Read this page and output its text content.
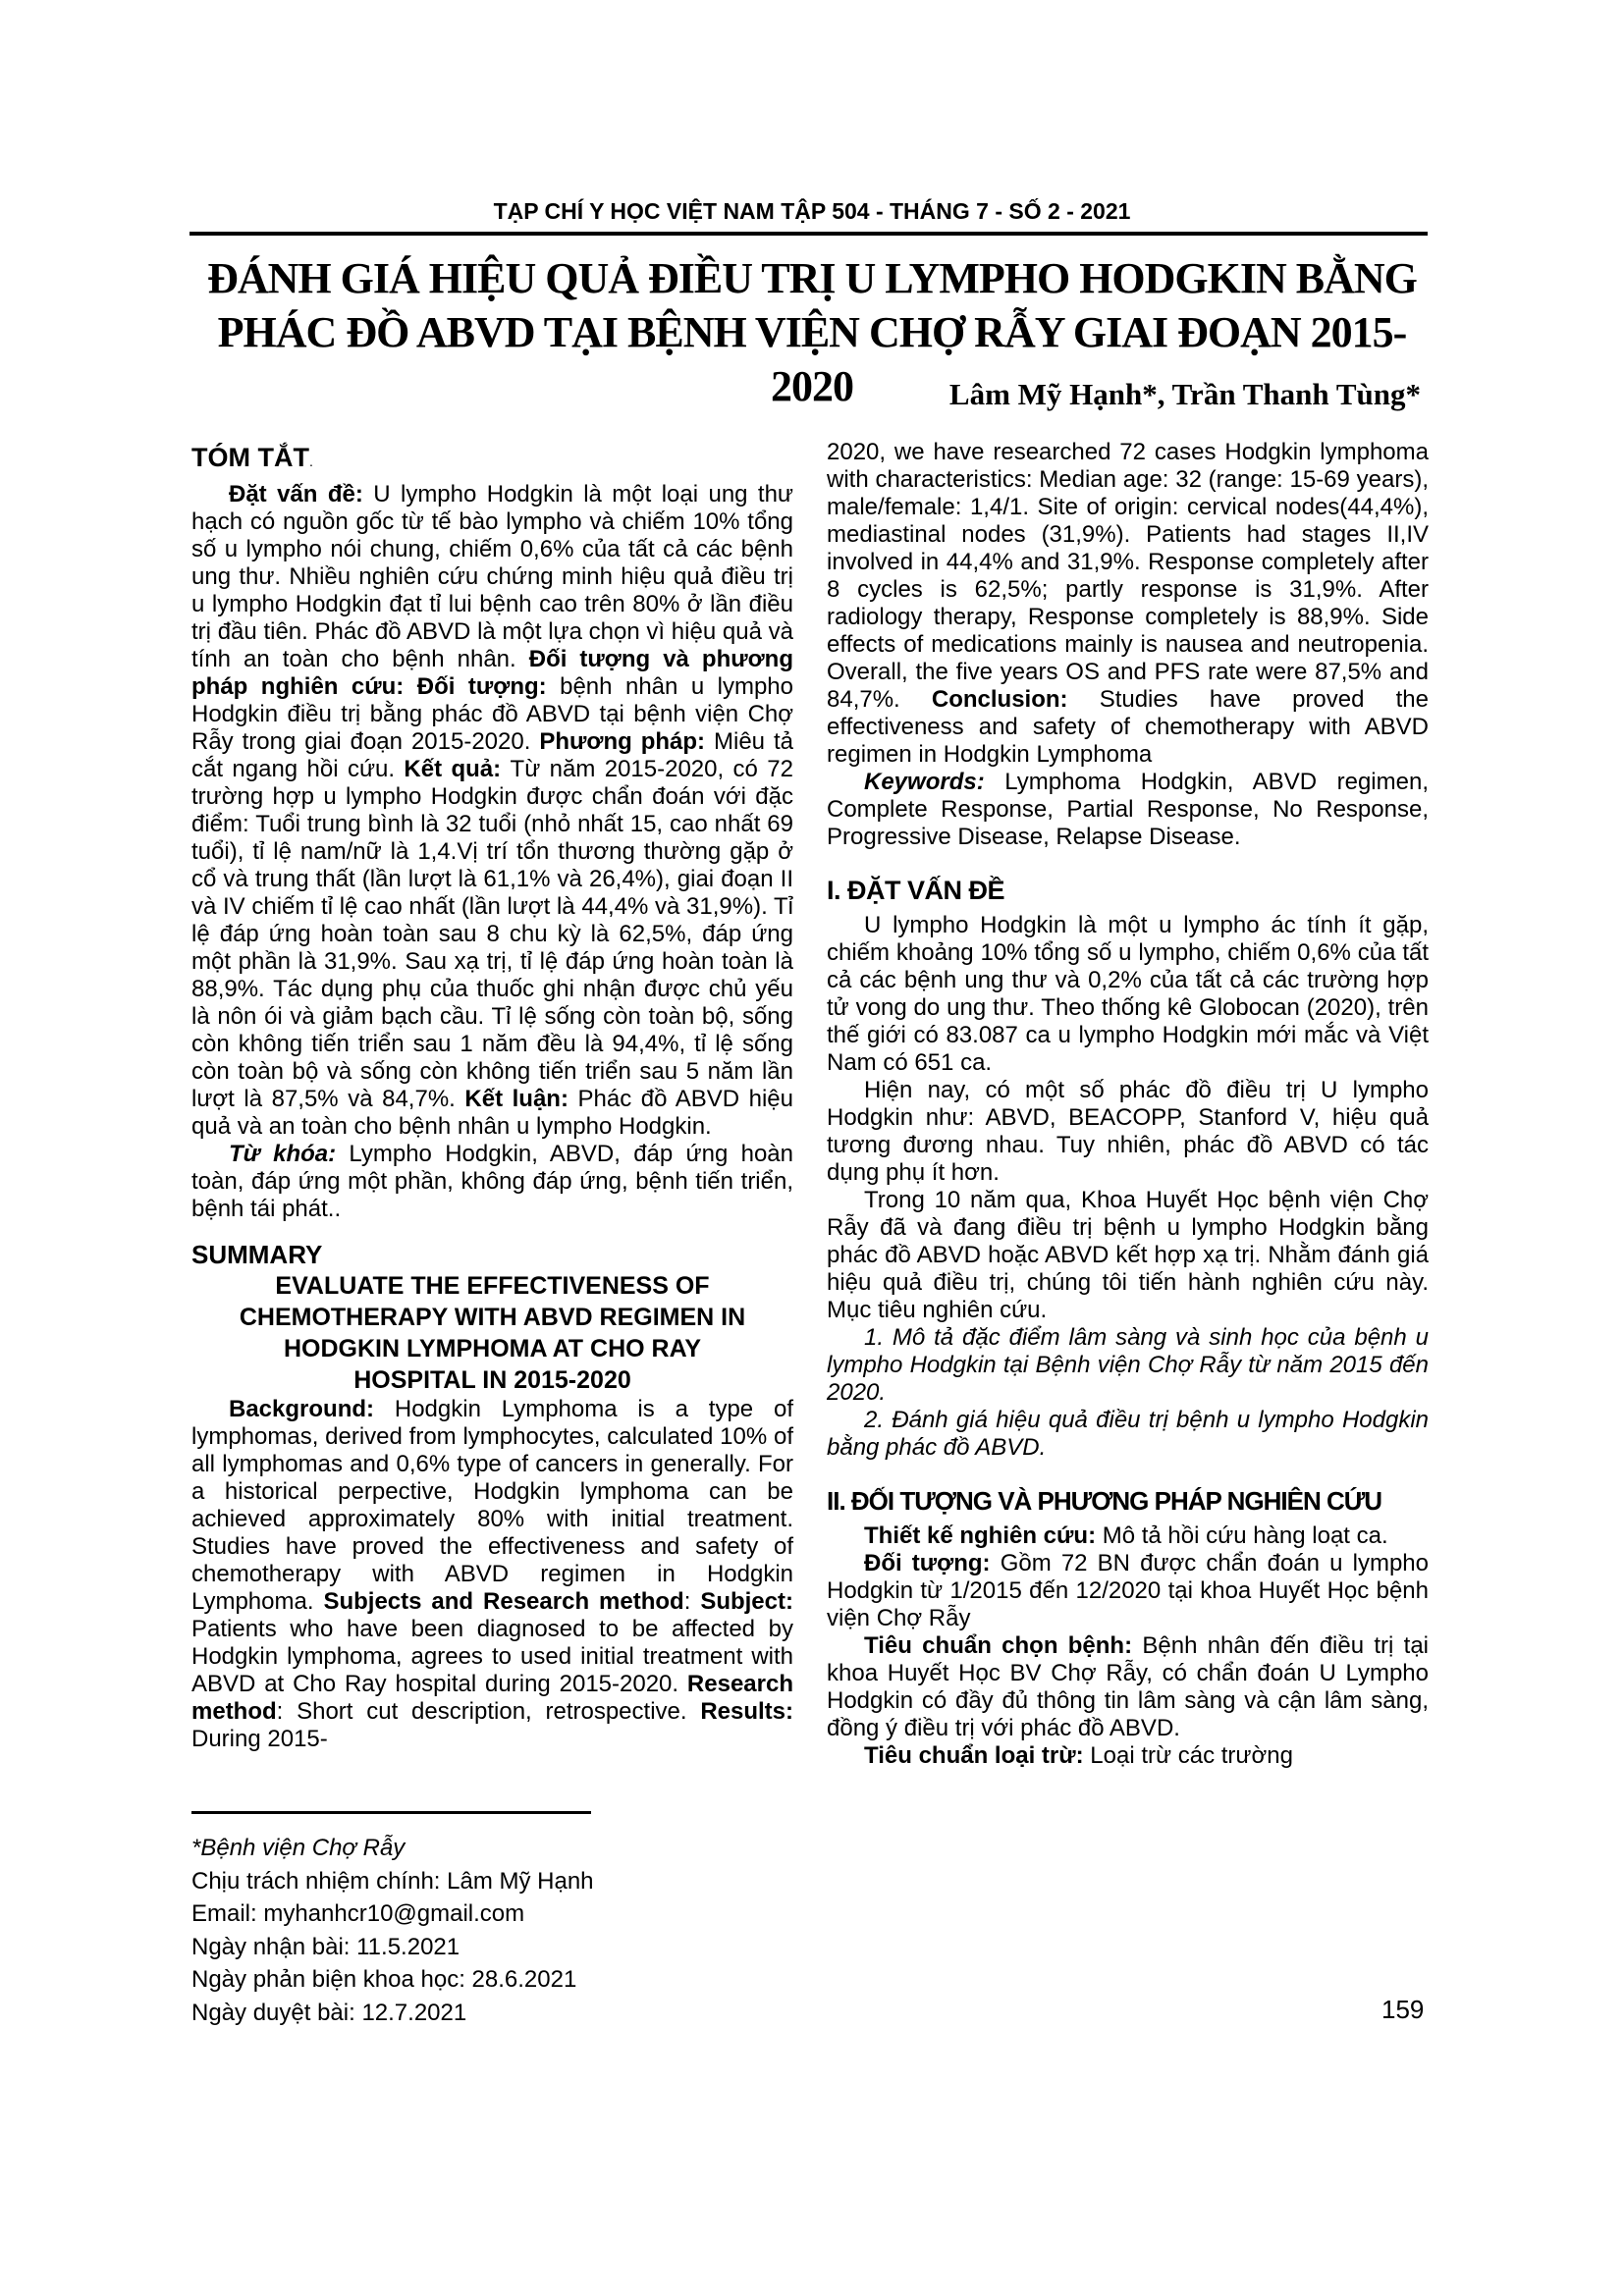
TẠP CHÍ Y HỌC VIỆT NAM TẬP 504 - THÁNG 7 - SỐ 2 - 2021
ĐÁNH GIÁ HIỆU QUẢ ĐIỀU TRỊ U LYMPHO HODGKIN BẰNG
PHÁC ĐỒ ABVD TẠI BỆNH VIỆN CHỢ RẪY GIAI ĐOẠN 2015-2020	Lâm Mỹ Hạnh*, Trần Thanh Tùng*
TÓM TẮT.

Đặt vấn đề: U lympho Hodgkin là một loại ung thư hạch có nguồn gốc từ tế bào lympho và chiếm 10% tổng số u lympho nói chung, chiếm 0,6% của tất cả các bệnh ung thư. Nhiều nghiên cứu chứng minh hiệu quả điều trị u lympho Hodgkin đạt tỉ lui bệnh cao trên 80% ở lần điều trị đầu tiên. Phác đồ ABVD là một lựa chọn vì hiệu quả và tính an toàn cho bệnh nhân. Đối tượng và phương pháp nghiên cứu: Đối tượng: bệnh nhân u lympho Hodgkin điều trị bằng phác đồ ABVD tại bệnh viện Chợ Rẫy trong giai đoạn 2015-2020. Phương pháp: Miêu tả cắt ngang hồi cứu. Kết quả: Từ năm 2015-2020, có 72 trường hợp u lympho Hodgkin được chẩn đoán với đặc điểm: Tuổi trung bình là 32 tuổi (nhỏ nhất 15, cao nhất 69 tuổi), tỉ lệ nam/nữ là 1,4.Vị trí tổn thương thường gặp ở cổ và trung thất (lần lượt là 61,1% và 26,4%), giai đoạn II và IV chiếm tỉ lệ cao nhất (lần lượt là 44,4% và 31,9%). Tỉ lệ đáp ứng hoàn toàn sau 8 chu kỳ là 62,5%, đáp ứng một phần là 31,9%. Sau xạ trị, tỉ lệ đáp ứng hoàn toàn là 88,9%. Tác dụng phụ của thuốc ghi nhận được chủ yếu là nôn ói và giảm bạch cầu. Tỉ lệ sống còn toàn bộ, sống còn không tiến triển sau 1 năm đều là 94,4%, tỉ lệ sống còn toàn bộ và sống còn không tiến triển sau 5 năm lần lượt là 87,5% và 84,7%. Kết luận: Phác đồ ABVD hiệu quả và an toàn cho bệnh nhân u lympho Hodgkin.

Từ khóa: Lympho Hodgkin, ABVD, đáp ứng hoàn toàn, đáp ứng một phần, không đáp ứng, bệnh tiến triển, bệnh tái phát..

SUMMARY
EVALUATE THE EFFECTIVENESS OF
CHEMOTHERAPY WITH ABVD REGIMEN IN
HODGKIN LYMPHOMA AT CHO RAY
HOSPITAL IN 2015-2020

Background: Hodgkin Lymphoma is a type of lymphomas, derived from lymphocytes, calculated 10% of all lymphomas and 0,6% type of cancers in generally. For a historical perpective, Hodgkin lymphoma can be achieved approximately 80% with initial treatment. Studies have proved the effectiveness and safety of chemotherapy with ABVD regimen in Hodgkin Lymphoma. Subjects and Research method: Subject: Patients who have been diagnosed to be affected by Hodgkin lymphoma, agrees to used initial treatment with ABVD at Cho Ray hospital during 2015-2020. Research method: Short cut description, retrospective. Results: During 2015-

*Bệnh viện Chợ Rẫy
Chịu trách nhiệm chính: Lâm Mỹ Hạnh
Email: myhanhcr10@gmail.com
Ngày nhận bài: 11.5.2021
Ngày phản biện khoa học: 28.6.2021
Ngày duyệt bài: 12.7.2021

2020, we have researched 72 cases Hodgkin lymphoma with characteristics: Median age: 32 (range: 15-69 years), male/female: 1,4/1. Site of origin: cervical nodes(44,4%), mediastinal nodes (31,9%). Patients had stages II,IV involved in 44,4% and 31,9%. Response completely after 8 cycles is 62,5%; partly response is 31,9%. After radiology therapy, Response completely is 88,9%. Side effects of medications mainly is nausea and neutropenia. Overall, the five years OS and PFS rate were 87,5% and 84,7%. Conclusion: Studies have proved the effectiveness and safety of chemotherapy with ABVD regimen in Hodgkin Lymphoma

Keywords: Lymphoma Hodgkin, ABVD regimen, Complete Response, Partial Response, No Response, Progressive Disease, Relapse Disease.

I. ĐẶT VẤN ĐỀ

U lympho Hodgkin là một u lympho ác tính ít gặp, chiếm khoảng 10% tổng số u lympho, chiếm 0,6% của tất cả các bệnh ung thư và 0,2% của tất cả các trường hợp tử vong do ung thư. Theo thống kê Globocan (2020), trên thế giới có 83.087 ca u lympho Hodgkin mới mắc và Việt Nam có 651 ca.

Hiện nay, có một số phác đồ điều trị U lympho Hodgkin như: ABVD, BEACOPP, Stanford V, hiệu quả tương đương nhau. Tuy nhiên, phác đồ ABVD có tác dụng phụ ít hơn.

Trong 10 năm qua, Khoa Huyết Học bệnh viện Chợ Rẫy đã và đang điều trị bệnh u lympho Hodgkin bằng phác đồ ABVD hoặc ABVD kết hợp xạ trị. Nhằm đánh giá hiệu quả điều trị, chúng tôi tiến hành nghiên cứu này. Mục tiêu nghiên cứu.

1. Mô tả đặc điểm lâm sàng và sinh học của bệnh u lympho Hodgkin tại Bệnh viện Chợ Rẫy từ năm 2015 đến 2020.

2. Đánh giá hiệu quả điều trị bệnh u lympho Hodgkin bằng phác đồ ABVD.

II. ĐỐI TƯỢNG VÀ PHƯƠNG PHÁP NGHIÊN CỨU

Thiết kế nghiên cứu: Mô tả hồi cứu hàng loạt ca.

Đối tượng: Gồm 72 BN được chẩn đoán u lympho Hodgkin từ 1/2015 đến 12/2020 tại khoa Huyết Học bệnh viện Chợ Rẫy

Tiêu chuẩn chọn bệnh: Bệnh nhân đến điều trị tại khoa Huyết Học BV Chợ Rẫy, có chẩn đoán U Lympho Hodgkin có đầy đủ thông tin lâm sàng và cận lâm sàng, đồng ý điều trị với phác đồ ABVD.

Tiêu chuẩn loại trừ: Loại trừ các trường

159
